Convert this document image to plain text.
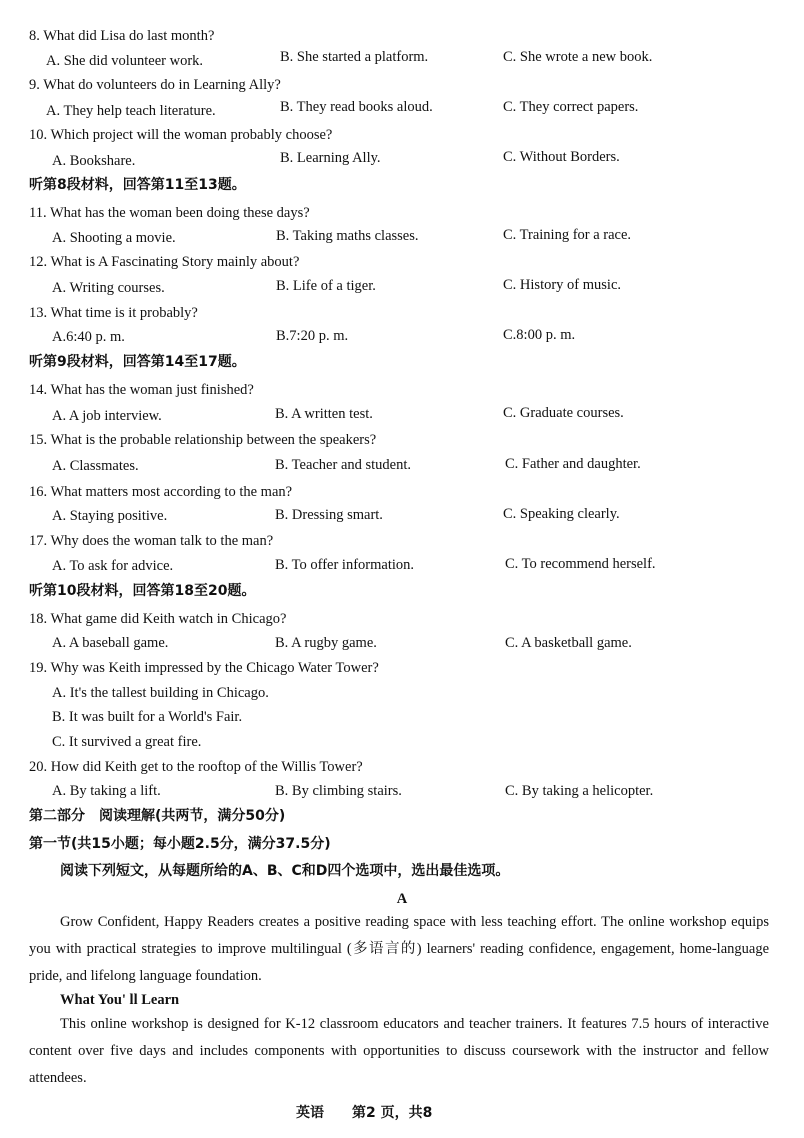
8. What did Lisa do last month?
A. She did volunteer work.	B. She started a platform.	C. She wrote a new book.
9. What do volunteers do in Learning Ally?
A. They help teach literature.	B. They read books aloud.	C. They correct papers.
10. Which project will the woman probably choose?
A. Bookshare.	B. Learning Ally.	C. Without Borders.
听第8段材料，回答第11至13题。
11. What has the woman been doing these days?
A. Shooting a movie.	B. Taking maths classes.	C. Training for a race.
12. What is A Fascinating Story mainly about?
A. Writing courses.	B. Life of a tiger.	C. History of music.
13. What time is it probably?
A.6:40 p. m.	B.7:20 p. m.	C.8:00 p. m.
听第9段材料，回答第14至17题。
14. What has the woman just finished?
A. A job interview.	B. A written test.	C. Graduate courses.
15. What is the probable relationship between the speakers?
A. Classmates.	B. Teacher and student.	C. Father and daughter.
16. What matters most according to the man?
A. Staying positive.	B. Dressing smart.	C. Speaking clearly.
17. Why does the woman talk to the man?
A. To ask for advice.	B. To offer information.	C. To recommend herself.
听第10段材料，回答第18至20题。
18. What game did Keith watch in Chicago?
A. A baseball game.	B. A rugby game.	C. A basketball game.
19. Why was Keith impressed by the Chicago Water Tower?
A. It's the tallest building in Chicago.
B. It was built for a World's Fair.
C. It survived a great fire.
20. How did Keith get to the rooftop of the Willis Tower?
A. By taking a lift.	B. By climbing stairs.	C. By taking a helicopter.
第二部分　阅读理解(共两节，满分50分)
第一节(共15小题；每小题2.5分，满分37.5分)
阅读下列短文，从每题所给的A、B、C和D四个选项中，选出最佳选项。
A
Grow Confident, Happy Readers creates a positive reading space with less teaching effort. The online workshop equips you with practical strategies to improve multilingual (多语言的) learners' reading confidence, engagement, home-language pride, and lifelong language foundation.
What You' ll Learn
This online workshop is designed for K-12 classroom educators and teacher trainers. It features 7.5 hours of interactive content over five days and includes components with opportunities to discuss coursework with the instructor and fellow attendees.
英语　　第2 页，共8
